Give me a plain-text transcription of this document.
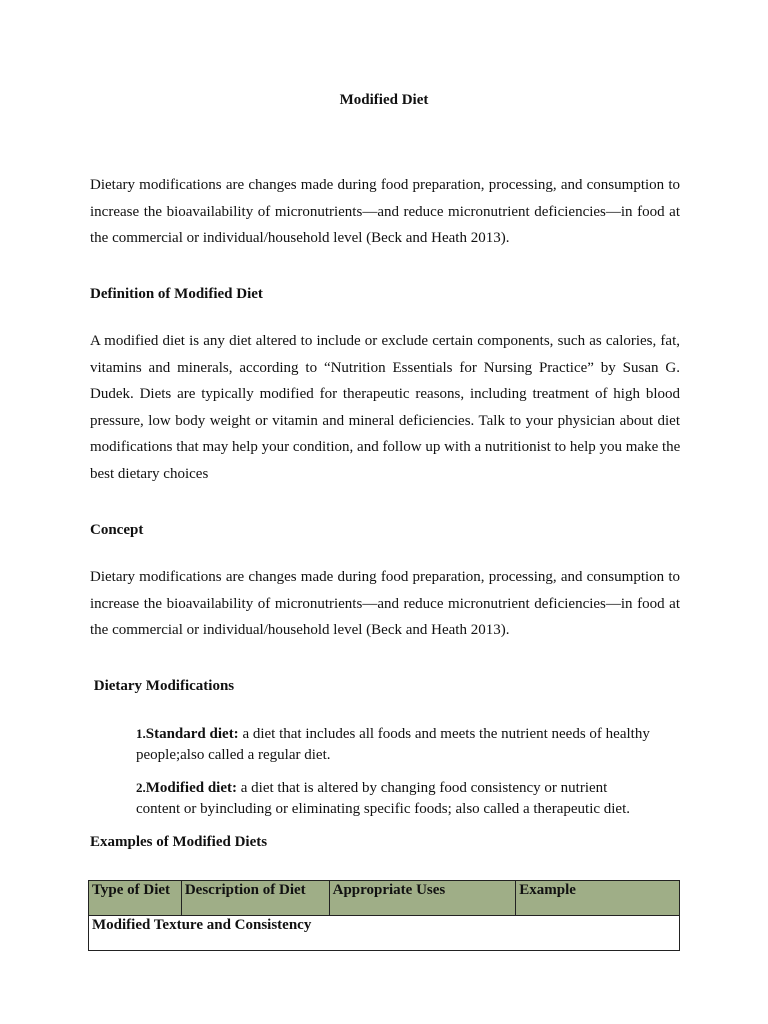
Modified Diet
Dietary modifications are changes made during food preparation, processing, and consumption to
increase the bioavailability of micronutrients—and reduce micronutrient deficiencies—in food at
the commercial or individual/household level (Beck and Heath 2013).
Definition of Modified Diet
A modified diet is any diet altered to include or exclude certain components, such as calories, fat,
vitamins and minerals, according to “Nutrition Essentials for Nursing Practice” by Susan G.
Dudek. Diets are typically modified for therapeutic reasons, including treatment of high blood
pressure, low body weight or vitamin and mineral deficiencies. Talk to your physician about diet
modifications that may help your condition, and follow up with a nutritionist to help you make the
best dietary choices
Concept
Dietary modifications are changes made during food preparation, processing, and consumption to
increase the bioavailability of micronutrients—and reduce micronutrient deficiencies—in food at
the commercial or individual/household level (Beck and Heath 2013).
Dietary Modifications
1.Standard diet: a diet that includes all foods and meets the nutrient needs of healthy
people;also called a regular diet.
2.Modified diet: a diet that is altered by changing food consistency or nutrient
content or byincluding or eliminating specific foods; also called a therapeutic diet.
Examples of Modified Diets
Type of Diet	Description of Diet	Appropriate Uses	Example
Modified Texture and Consistency
